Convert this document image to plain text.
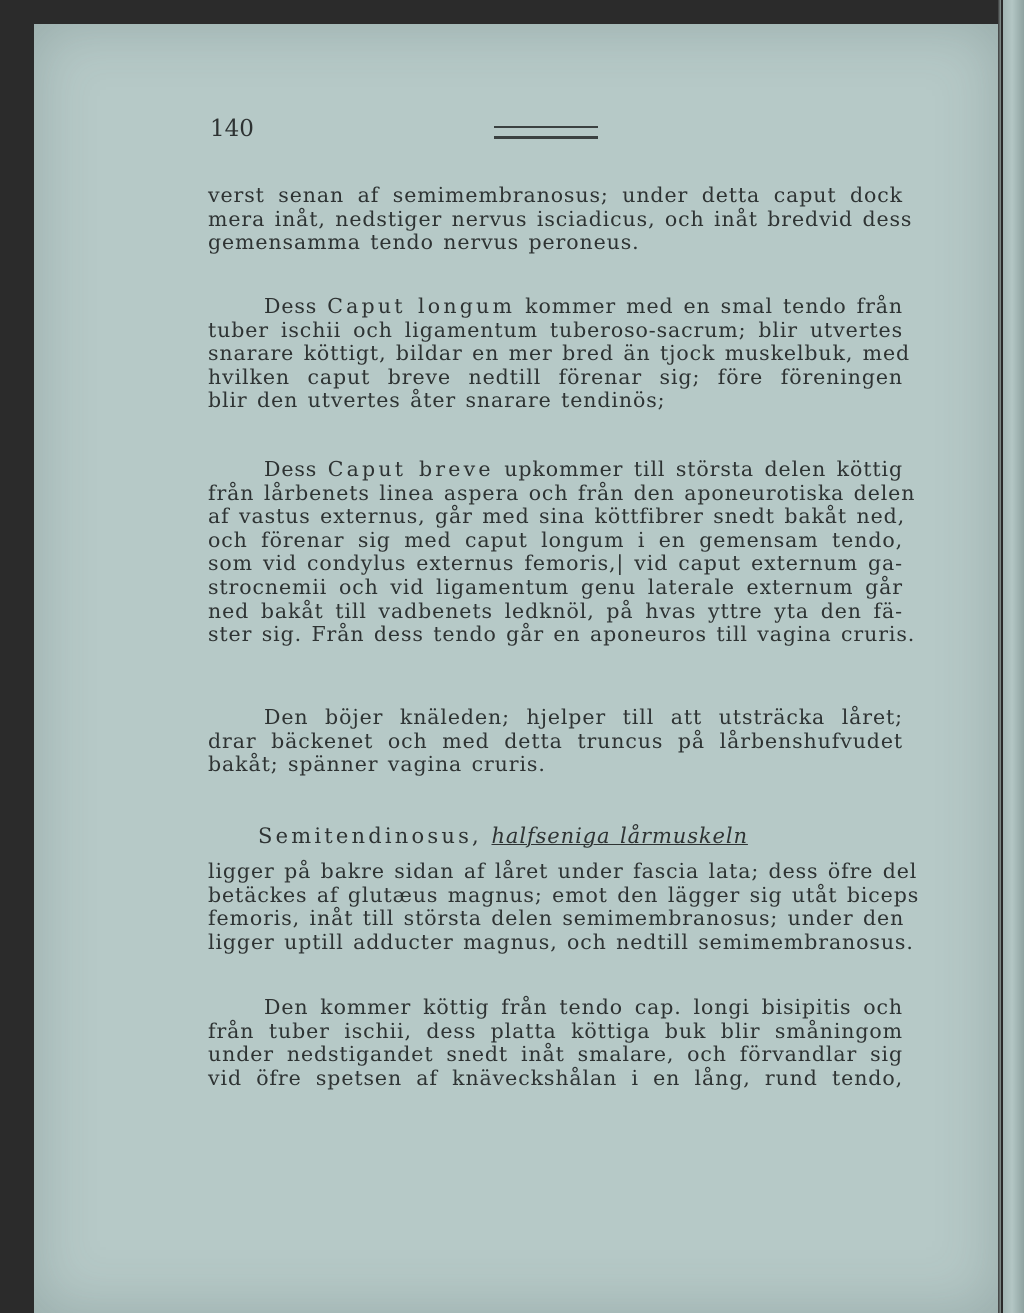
140
verst senan af semimembranosus; under detta caput dock
mera inåt, nedstiger nervus isciadicus, och inåt bredvid dess
gemensamma tendo nervus peroneus.
Dess Caput longum kommer med en smal tendo från
tuber ischii och ligamentum tuberoso-sacrum; blir utvertes
snarare köttigt, bildar en mer bred än tjock muskelbuk, med
hvilken caput breve nedtill förenar sig; före föreningen
blir den utvertes åter snarare tendinös;
Dess Caput breve upkommer till största delen köttig
från lårbenets linea aspera och från den aponeurotiska delen
af vastus externus, går med sina köttfibrer snedt bakåt ned,
och förenar sig med caput longum i en gemensam tendo,
som vid condylus externus femoris,| vid caput externum ga-
strocnemii och vid ligamentum genu laterale externum går
ned bakåt till vadbenets ledknöl, på hvas yttre yta den fä-
ster sig. Från dess tendo går en aponeuros till vagina cruris.
Den böjer knäleden; hjelper till att utsträcka låret;
drar bäckenet och med detta truncus på lårbenshufvudet
bakåt; spänner vagina cruris.
Semitendinosus, halfseniga lårmuskeln
ligger på bakre sidan af låret under fascia lata; dess öfre del
betäckes af glutæus magnus; emot den lägger sig utåt biceps
femoris, inåt till största delen semimembranosus; under den
ligger uptill adducter magnus, och nedtill semimembranosus.
Den kommer köttig från tendo cap. longi bisipitis och
från tuber ischii, dess platta köttiga buk blir småningom
under nedstigandet snedt inåt smalare, och förvandlar sig
vid öfre spetsen af knäveckshålan i en lång, rund tendo,
